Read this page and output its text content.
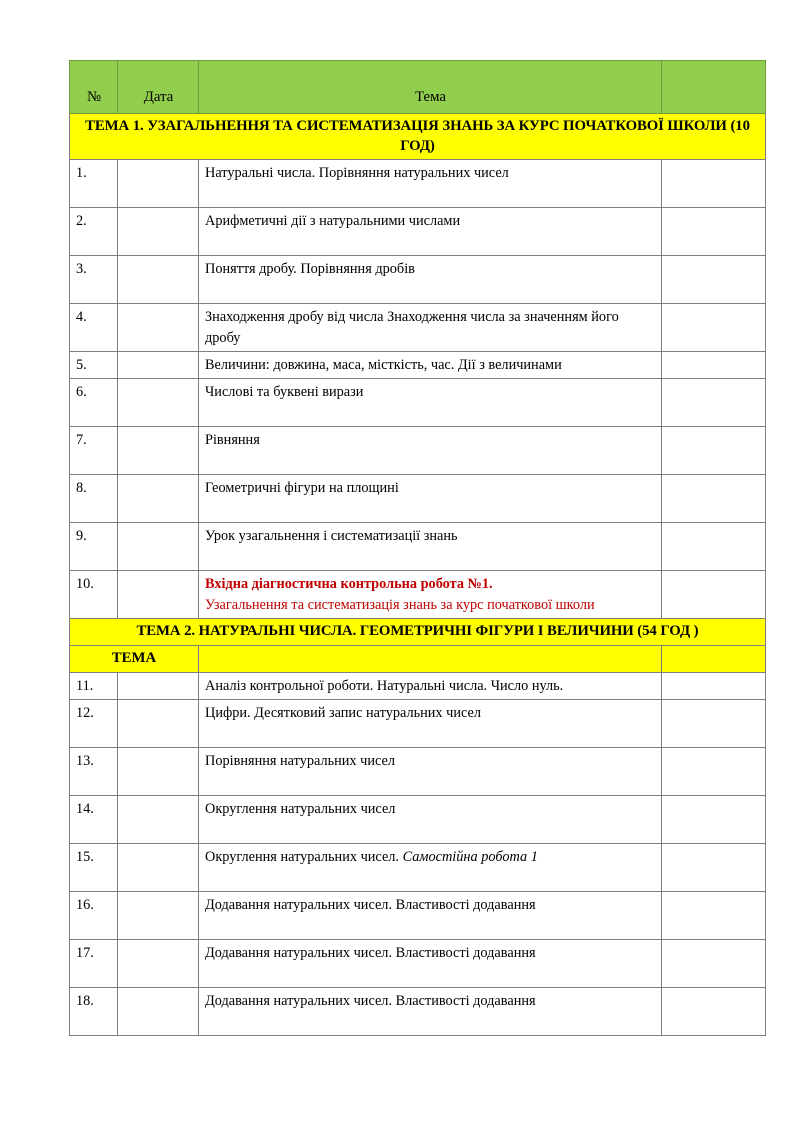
№	Дата	Тема	
ТЕМА 1. УЗАГАЛЬНЕННЯ ТА СИСТЕМАТИЗАЦІЯ ЗНАНЬ ЗА КУРС ПОЧАТКОВОЇ ШКОЛИ (10 ГОД)			
1.		Натуральні числа. Порівняння натуральних чисел	
2.		Арифметичні дії з натуральними числами	
3.		Поняття дробу. Порівняння дробів	
4.		Знаходження дробу від числа Знаходження числа за значенням його дробу	
5.		Величини: довжина, маса, місткість, час. Дії з величинами	
6.		Числові та буквені вирази	
7.		Рівняння	
8.		Геометричні фігури на площині	
9.		Урок узагальнення і систематизації знань	
10.		Вхідна діагностична контрольна робота №1.
Узагальнення та систематизація знань за курс початкової школи	

ТЕМА 2. НАТУРАЛЬНІ ЧИСЛА. ГЕОМЕТРИЧНІ ФІГУРИ І ВЕЛИЧИНИ (54 ГОД )			
ТЕМА			
11.		Аналіз контрольної роботи. Натуральні числа. Число нуль.	
12.		Цифри. Десятковий запис натуральних чисел	
13.		Порівняння натуральних чисел	
14.		Округлення натуральних чисел	
15.		Округлення натуральних чисел. Самостійна робота 1	
16.		Додавання натуральних чисел. Властивості додавання	
17.		Додавання натуральних чисел. Властивості додавання	
18.		Додавання натуральних чисел. Властивості додавання	
